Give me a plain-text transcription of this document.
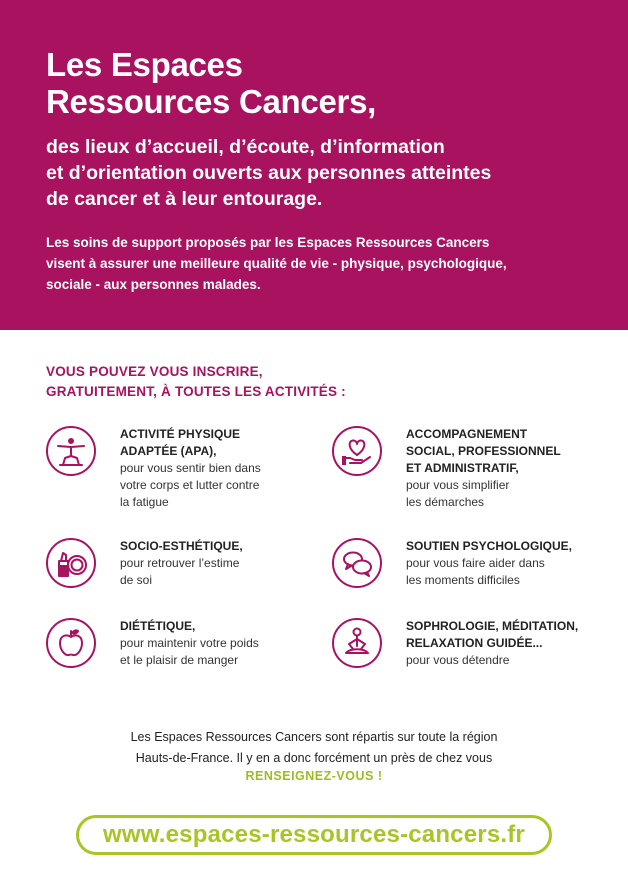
Les Espaces
Ressources Cancers,
des lieux d’accueil, d’écoute, d’information
et d’orientation ouverts aux personnes atteintes
de cancer et à leur entourage.

Les soins de support proposés par les Espaces Ressources Cancers
visent à assurer une meilleure qualité de vie - physique, psychologique,
sociale - aux personnes malades.

VOUS POUVEZ VOUS INSCRIRE,
GRATUITEMENT, À TOUTES LES ACTIVITÉS :

ACTIVITÉ PHYSIQUE
ADAPTÉE (APA),

pour vous sentir bien dans
votre corps et lutter contre
la fatigue

ACCOMPAGNEMENT
SOCIAL, PROFESSIONNEL
ET ADMINISTRATIF,

pour vous simplifier
les démarches

SOCIO-ESTHÉTIQUE,

pour retrouver l’estime
de soi

SOUTIEN PSYCHOLOGIQUE,

pour vous faire aider dans
les moments difficiles

DIÉTÉTIQUE,

pour maintenir votre poids
et le plaisir de manger

SOPHROLOGIE, MÉDITATION,
RELAXATION GUIDÉE...

pour vous détendre

Les Espaces Ressources Cancers sont répartis sur toute la région
Hauts-de-France. Il y en a donc forcément un près de chez vous

RENSEIGNEZ-VOUS !

www.espaces-ressources-cancers.fr
